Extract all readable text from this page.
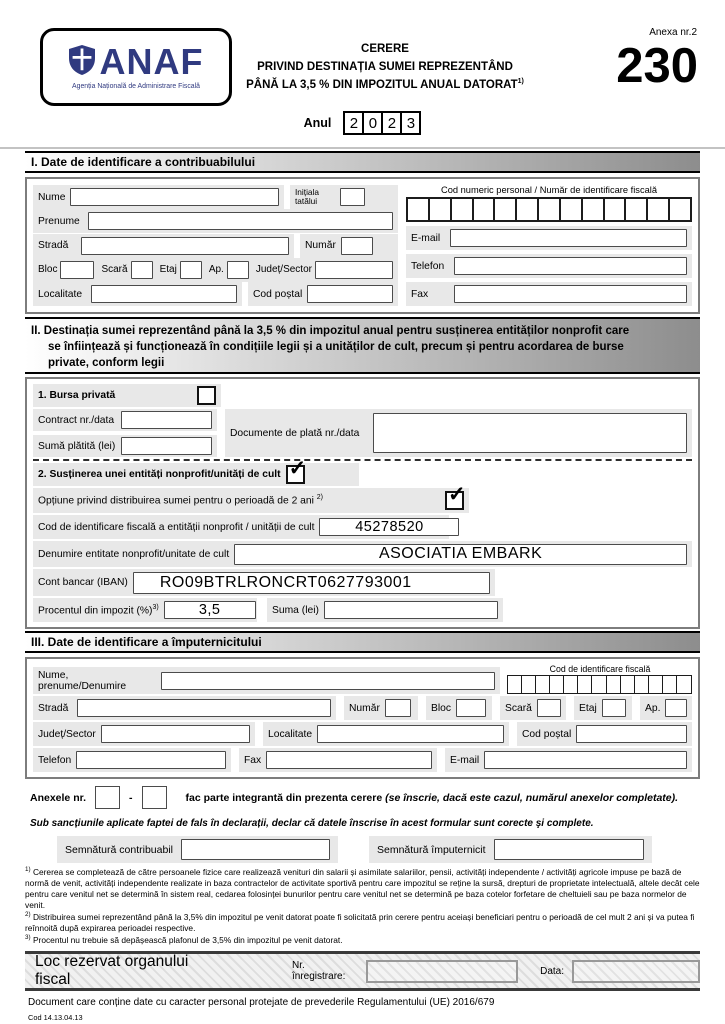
ANAF
Agenția Națională de Administrare Fiscală
CERERE
PRIVIND DESTINAȚIA SUMEI REPREZENTÂND
PÂNĂ LA 3,5 % DIN IMPOZITUL ANUAL DATORAT$^{1)}$
Anexa nr.2
230
Anul	2 0 2 3
I. Date de identificare a contribuabilului
Nume	Inițiala tatălui
Prenume
Stradă	Număr
Bloc	Scară	Etaj	Ap.	Județ/Sector
Localitate	Cod poștal
Cod numeric personal / Număr de identificare fiscală
E-mail
Telefon
Fax
II. Destinația sumei reprezentând până la 3,5 % din impozitul anual pentru susținerea entităților nonprofit care
se înființează și funcționează în condițiile legii și a unităților de cult, precum și pentru acordarea de burse
private, conform legii
1. Bursa privată
Contract nr./data
Sumă plătită (lei)
Documente de plată nr./data
2. Susținerea unei entități nonprofit/unități de cult ✓
Opțiune privind distribuirea sumei pentru o perioadă de 2 ani $^{2)}$	✓
Cod de identificare fiscală a entității nonprofit / unității de cult	45278520
Denumire entitate nonprofit/unitate de cult	ASOCIATIA EMBARK
Cont bancar (IBAN)	RO09BTRLRONCRT0627793001
Procentul din impozit (%)$^{3)}$	3,5	Suma (lei)
III. Date de identificare a împuternicitului
Nume, prenume/Denumire
Cod de identificare fiscală
Stradă	Număr	Bloc	Scară	Etaj	Ap.
Județ/Sector	Localitate	Cod poștal
Telefon	Fax	E-mail
Anexele nr.	-	fac parte integrantă din prezenta cerere (se înscrie, dacă este cazul, numărul anexelor completate).
Sub sancțiunile aplicate faptei de fals în declarații, declar că datele înscrise în acest formular sunt corecte şi complete.
Semnătură contribuabil	Semnătură împuternicit
$^{1)}$ Cererea se completează de către persoanele fizice care realizează venituri din salarii și asimilate salariilor, pensii, activități independente / activități agricole impuse pe bază de normă de venit, activități independente realizate in baza contractelor de activitate sportivă pentru care impozitul se reține la sursă, drepturi de proprietate intelectuală, altele decât cele pentru care venitul net se determină în sistem real, cedarea folosinței bunurilor pentru care venitul net se determină pe baza cotelor forfetare de cheltuieli sau pe baza normelor de venit.
$^{2)}$ Distribuirea sumei reprezentând până la 3,5% din impozitul pe venit datorat poate fi solicitată prin cerere pentru aceiași beneficiari pentru o perioadă de cel mult 2 ani și va putea fi reînnoită după expirarea perioadei respective.
$^{3)}$ Procentul nu trebuie să depășească plafonul de 3,5% din impozitul pe venit datorat.
Loc rezervat organului fiscal
Nr. înregistrare:	Data:
Document care conține date cu caracter personal protejate de prevederile Regulamentului (UE) 2016/679
Cod 14.13.04.13
